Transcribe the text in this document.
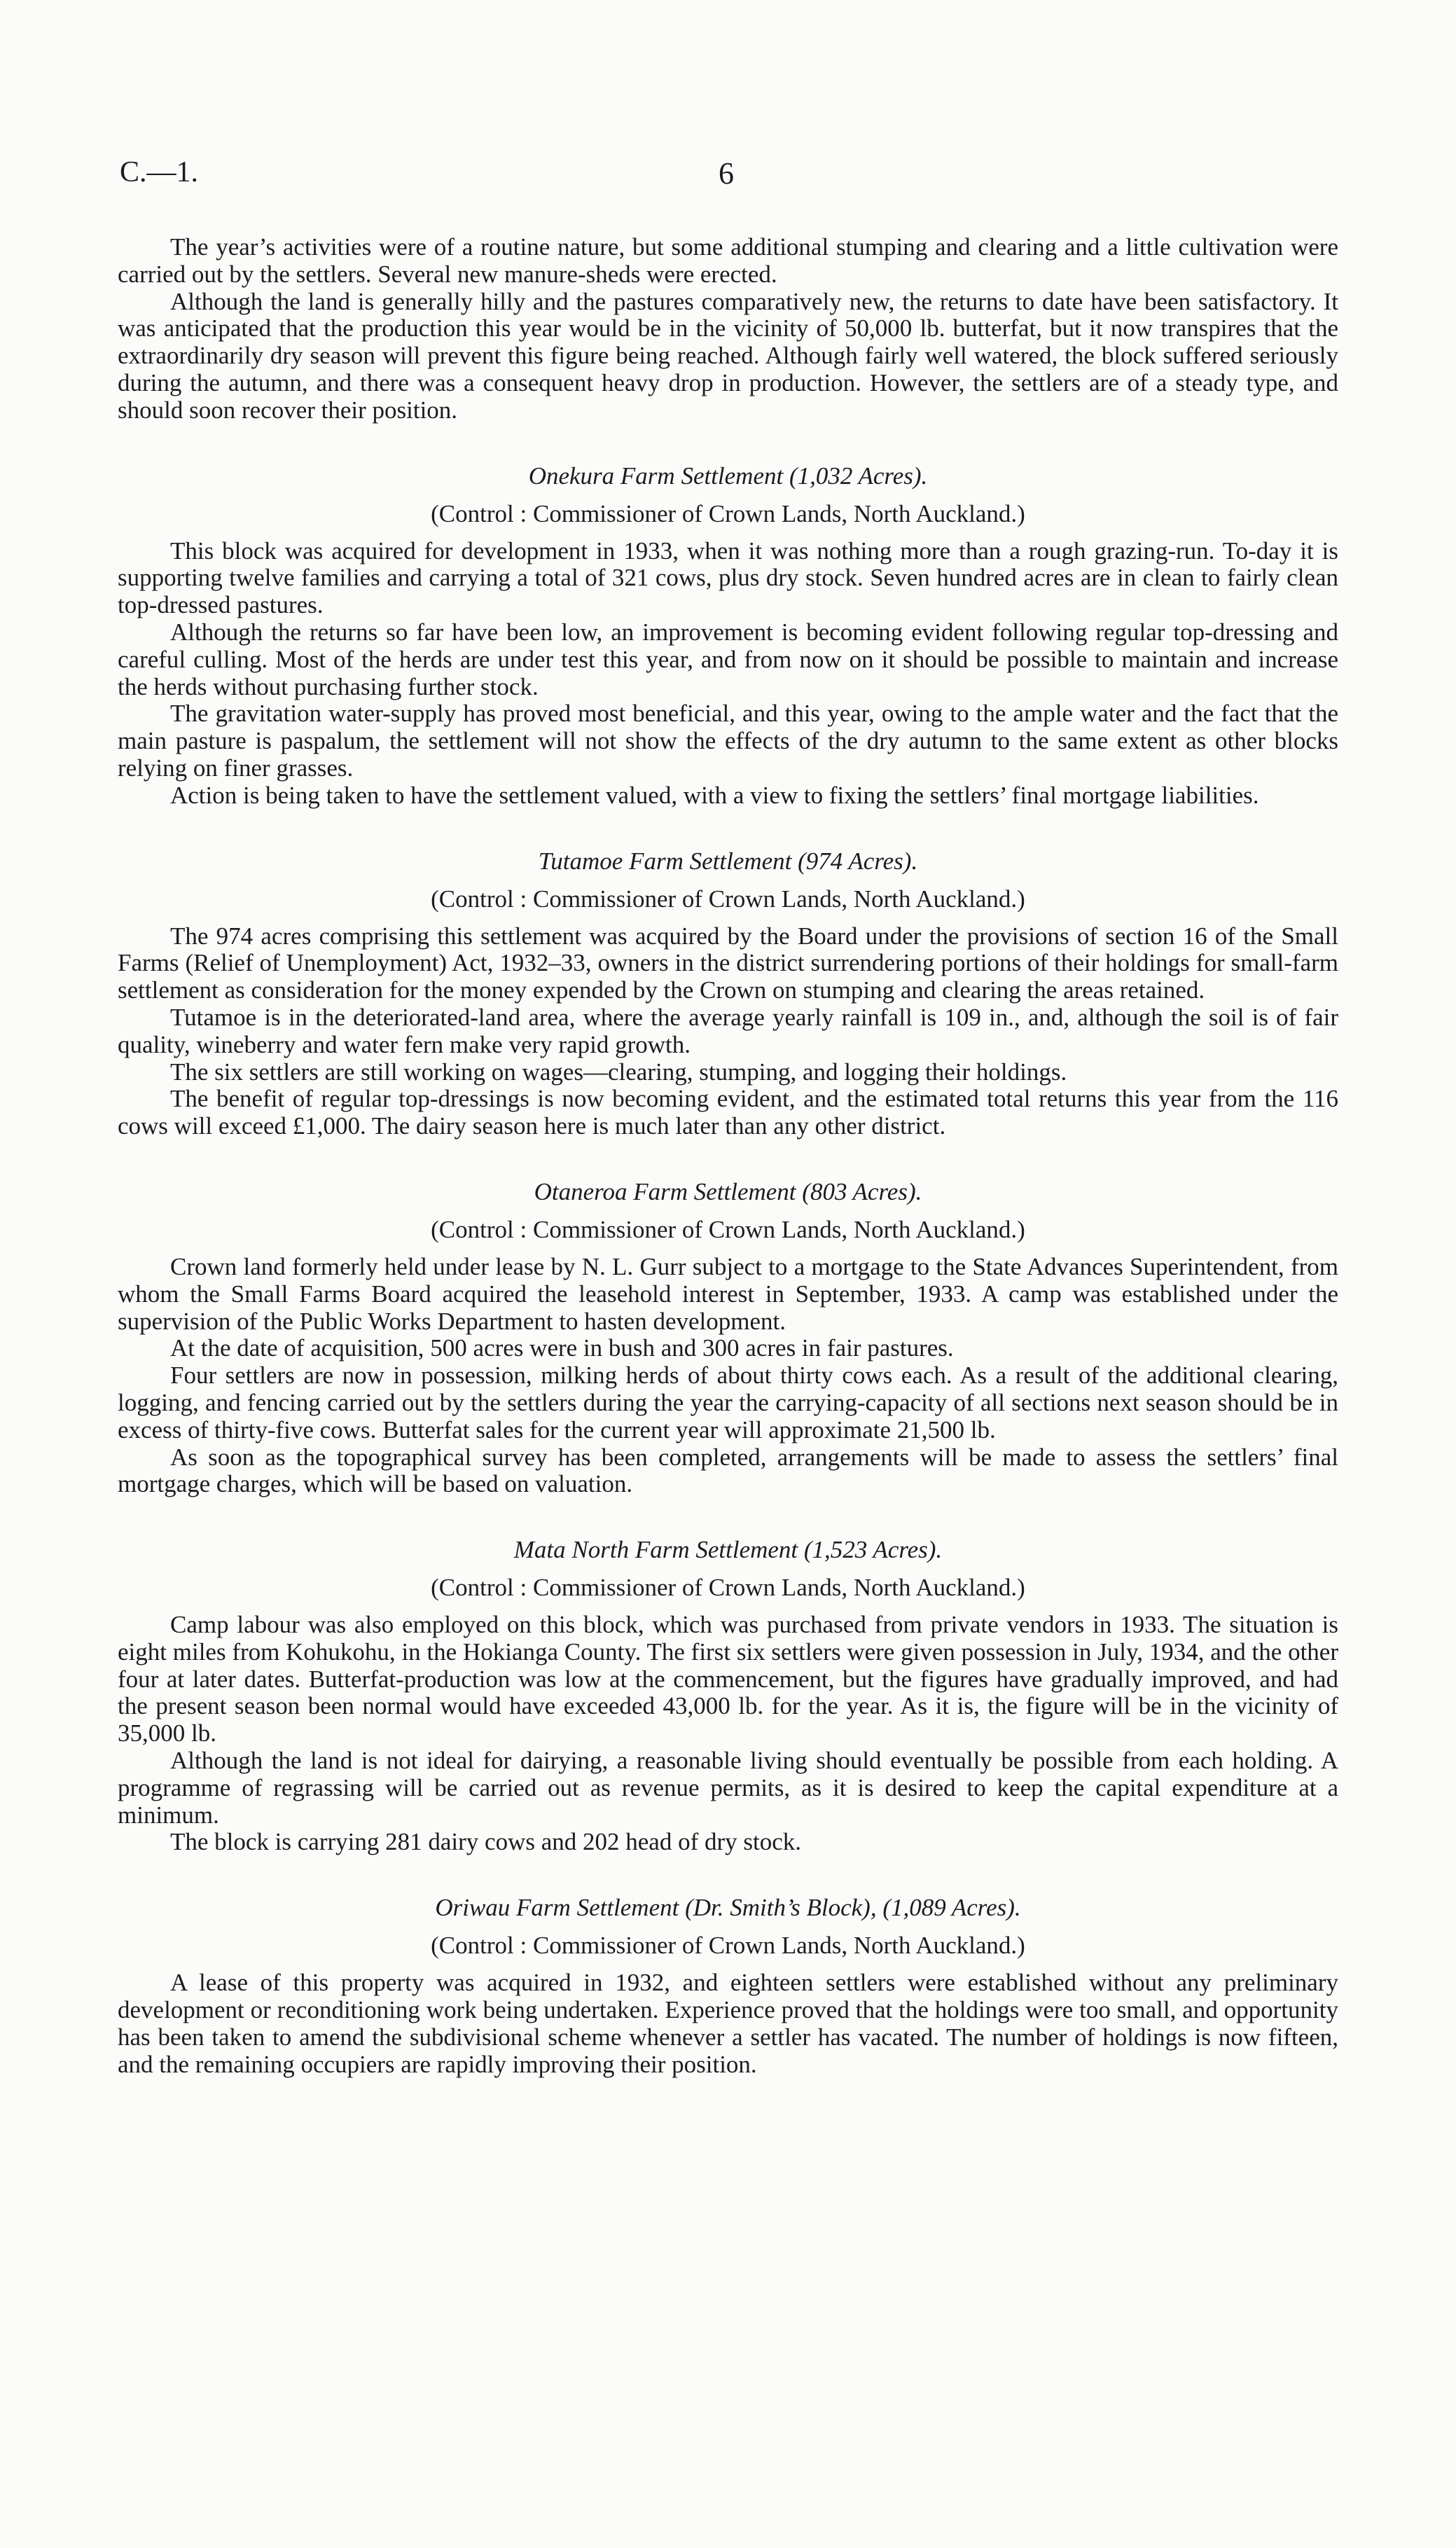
C.—1.	6

The year’s activities were of a routine nature, but some additional stumping and clearing and a little cultivation were carried out by the settlers. Several new manure-sheds were erected.

Although the land is generally hilly and the pastures comparatively new, the returns to date have been satisfactory. It was anticipated that the production this year would be in the vicinity of 50,000 lb. butterfat, but it now transpires that the extraordinarily dry season will prevent this figure being reached. Although fairly well watered, the block suffered seriously during the autumn, and there was a consequent heavy drop in production. However, the settlers are of a steady type, and should soon recover their position.

Onekura Farm Settlement (1,032 Acres).
(Control : Commissioner of Crown Lands, North Auckland.)

This block was acquired for development in 1933, when it was nothing more than a rough grazing-run. To-day it is supporting twelve families and carrying a total of 321 cows, plus dry stock. Seven hundred acres are in clean to fairly clean top-dressed pastures.

Although the returns so far have been low, an improvement is becoming evident following regular top-dressing and careful culling. Most of the herds are under test this year, and from now on it should be possible to maintain and increase the herds without purchasing further stock.

The gravitation water-supply has proved most beneficial, and this year, owing to the ample water and the fact that the main pasture is paspalum, the settlement will not show the effects of the dry autumn to the same extent as other blocks relying on finer grasses.

Action is being taken to have the settlement valued, with a view to fixing the settlers’ final mortgage liabilities.

Tutamoe Farm Settlement (974 Acres).
(Control : Commissioner of Crown Lands, North Auckland.)

The 974 acres comprising this settlement was acquired by the Board under the provisions of section 16 of the Small Farms (Relief of Unemployment) Act, 1932–33, owners in the district surrendering portions of their holdings for small-farm settlement as consideration for the money expended by the Crown on stumping and clearing the areas retained.

Tutamoe is in the deteriorated-land area, where the average yearly rainfall is 109 in., and, although the soil is of fair quality, wineberry and water fern make very rapid growth.

The six settlers are still working on wages—clearing, stumping, and logging their holdings.

The benefit of regular top-dressings is now becoming evident, and the estimated total returns this year from the 116 cows will exceed £1,000. The dairy season here is much later than any other district.

Otaneroa Farm Settlement (803 Acres).
(Control : Commissioner of Crown Lands, North Auckland.)

Crown land formerly held under lease by N. L. Gurr subject to a mortgage to the State Advances Superintendent, from whom the Small Farms Board acquired the leasehold interest in September, 1933. A camp was established under the supervision of the Public Works Department to hasten development.

At the date of acquisition, 500 acres were in bush and 300 acres in fair pastures.

Four settlers are now in possession, milking herds of about thirty cows each. As a result of the additional clearing, logging, and fencing carried out by the settlers during the year the carrying-capacity of all sections next season should be in excess of thirty-five cows. Butterfat sales for the current year will approximate 21,500 lb.

As soon as the topographical survey has been completed, arrangements will be made to assess the settlers’ final mortgage charges, which will be based on valuation.

Mata North Farm Settlement (1,523 Acres).
(Control : Commissioner of Crown Lands, North Auckland.)

Camp labour was also employed on this block, which was purchased from private vendors in 1933. The situation is eight miles from Kohukohu, in the Hokianga County. The first six settlers were given possession in July, 1934, and the other four at later dates. Butterfat-production was low at the commencement, but the figures have gradually improved, and had the present season been normal would have exceeded 43,000 lb. for the year. As it is, the figure will be in the vicinity of 35,000 lb.

Although the land is not ideal for dairying, a reasonable living should eventually be possible from each holding. A programme of regrassing will be carried out as revenue permits, as it is desired to keep the capital expenditure at a minimum.

The block is carrying 281 dairy cows and 202 head of dry stock.

Oriwau Farm Settlement (Dr. Smith’s Block), (1,089 Acres).
(Control : Commissioner of Crown Lands, North Auckland.)

A lease of this property was acquired in 1932, and eighteen settlers were established without any preliminary development or reconditioning work being undertaken. Experience proved that the holdings were too small, and opportunity has been taken to amend the subdivisional scheme whenever a settler has vacated. The number of holdings is now fifteen, and the remaining occupiers are rapidly improving their position.
